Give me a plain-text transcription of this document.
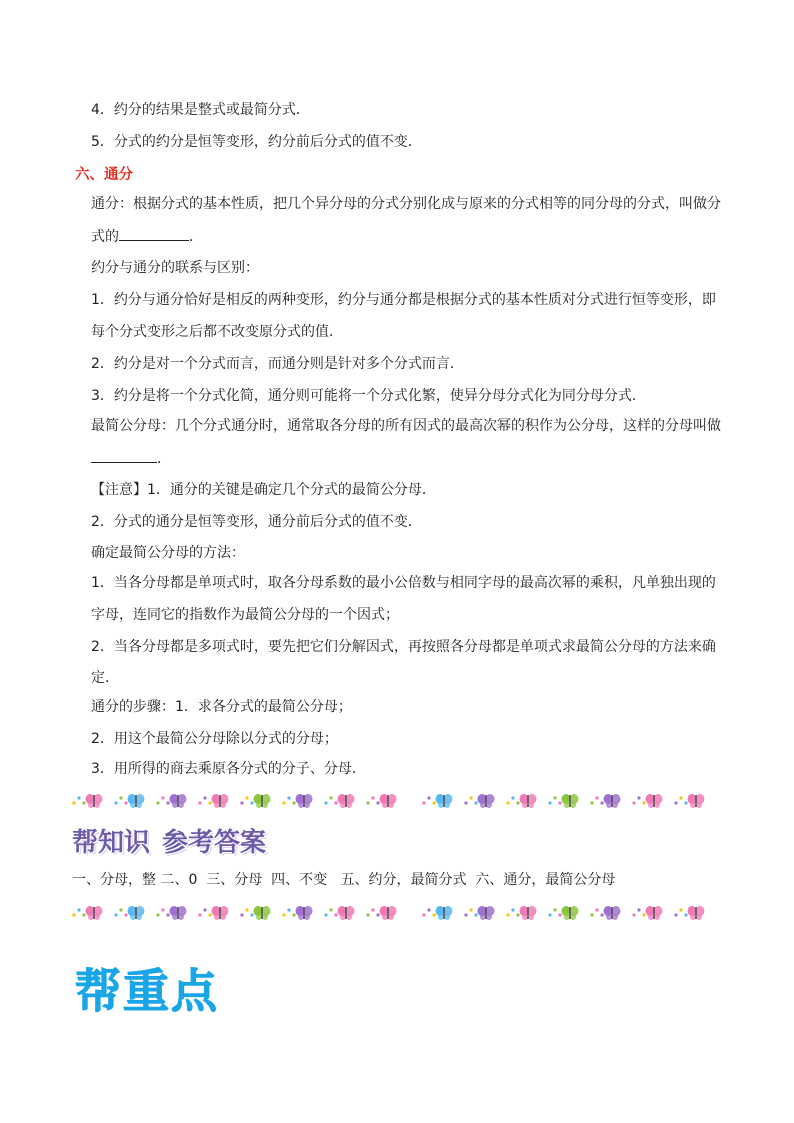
4．约分的结果是整式或最简分式．
5．分式的约分是恒等变形，约分前后分式的值不变．
六、通分
通分：根据分式的基本性质，把几个异分母的分式分别化成与原来的分式相等的同分母的分式，叫做分
式的	．
约分与通分的联系与区别：
1．约分与通分恰好是相反的两种变形，约分与通分都是根据分式的基本性质对分式进行恒等变形，即
每个分式变形之后都不改变原分式的值．
2．约分是对一个分式而言，而通分则是针对多个分式而言．
3．约分是将一个分式化简，通分则可能将一个分式化繁，使异分母分式化为同分母分式．
最简公分母：几个分式通分时，通常取各分母的所有因式的最高次幂的积作为公分母，这样的分母叫做
．
【注意】1．通分的关键是确定几个分式的最简公分母．
2．分式的通分是恒等变形，通分前后分式的值不变．
确定最简公分母的方法：
1．当各分母都是单项式时，取各分母系数的最小公倍数与相同字母的最高次幂的乘积，凡单独出现的
字母，连同它的指数作为最简公分母的一个因式；
2．当各分母都是多项式时，要先把它们分解因式，再按照各分母都是单项式求最简公分母的方法来确
定．
通分的步骤：1．求各分式的最简公分母；
2．用这个最简公分母除以分式的分母；
3．用所得的商去乘原各分式的分子、分母．
帮知识 参考答案
一、分母，整 二、0  三、分母  四、不变   五、约分，最简分式  六、通分，最简公分母
帮重点
